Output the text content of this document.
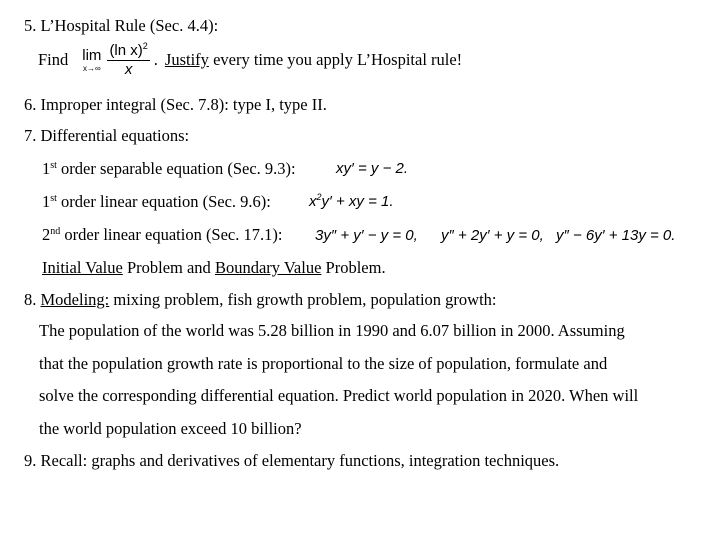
5. L’Hospital Rule (Sec. 4.4):
Find lim
$x\to\infty \frac{(\ln x)^2}{x}$ . Justify every time you apply L’Hospital rule!
6. Improper integral (Sec. 7.8): type I, type II.
7. Differential equations:
1st order separable equation (Sec. 9.3):	xy′ = y − 2.
1st order linear equation (Sec. 9.6):	$x^2y'$ + xy = 1.
2nd order linear equation (Sec. 17.1): 3y″ + y′ − y = 0, y″ + 2y′ + y = 0, y″ − 6y′ + 13y = 0.
Initial Value Problem and Boundary Value Problem.
8. Modeling: mixing problem, fish growth problem, population growth:
The population of the world was 5.28 billion in 1990 and 6.07 billion in 2000. Assuming
that the population growth rate is proportional to the size of population, formulate and
solve the corresponding differential equation. Predict world population in 2020. When will
the world population exceed 10 billion?
9. Recall: graphs and derivatives of elementary functions, integration techniques.
